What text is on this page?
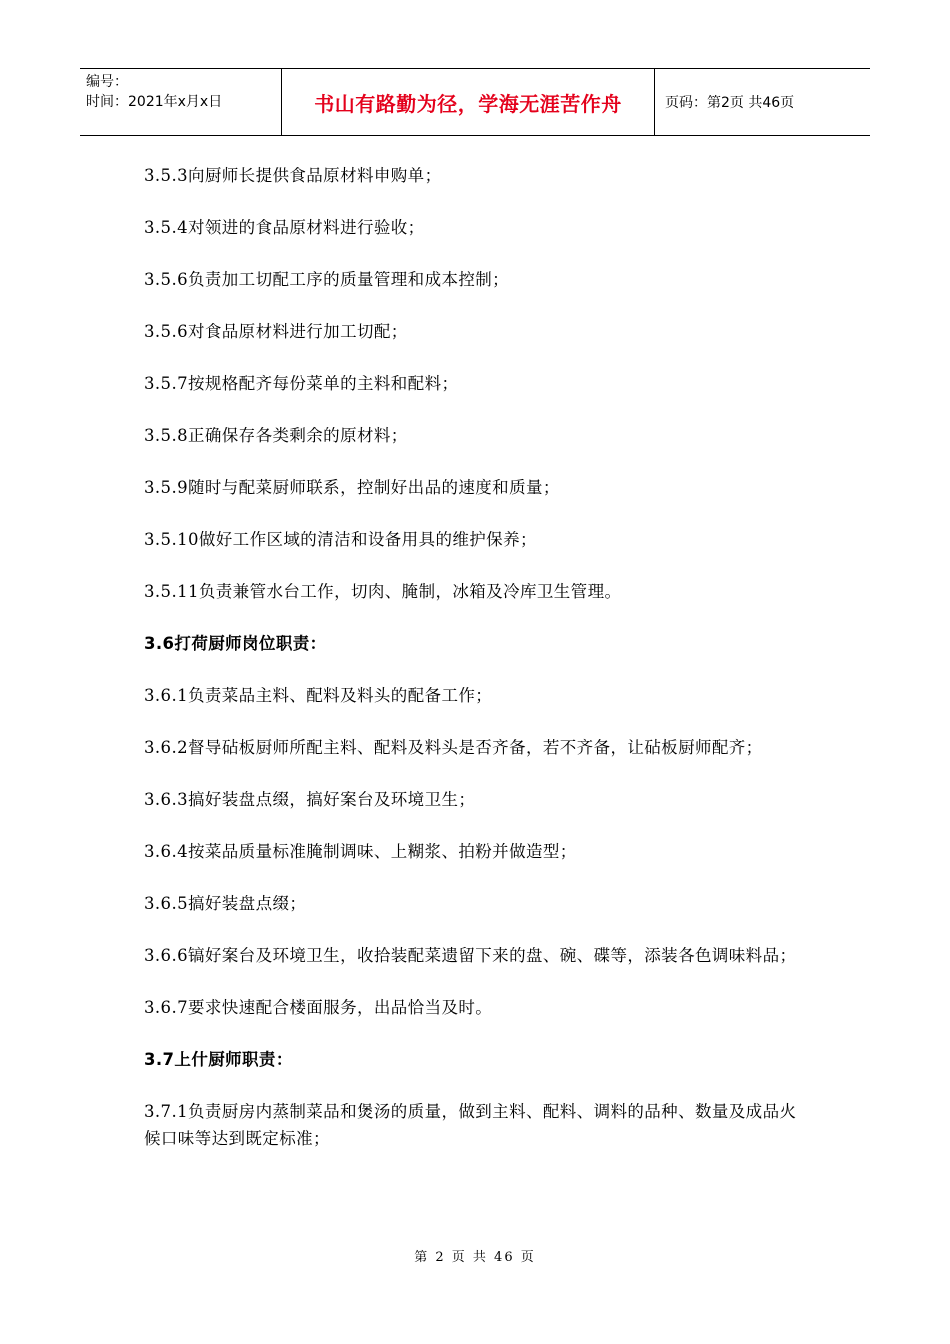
编号：
时间：2021年x月x日	书山有路勤为径，学海无涯苦作舟	页码：第2页 共46页

3.5.3向厨师长提供食品原材料申购单；

3.5.4对领进的食品原材料进行验收；

3.5.6负责加工切配工序的质量管理和成本控制；

3.5.6对食品原材料进行加工切配；

3.5.7按规格配齐每份菜单的主料和配料；

3.5.8正确保存各类剩余的原材料；

3.5.9随时与配菜厨师联系，控制好出品的速度和质量；

3.5.10做好工作区域的清洁和设备用具的维护保养；

3.5.11负责兼管水台工作，切肉、腌制，冰箱及冷库卫生管理。

3.6打荷厨师岗位职责：

3.6.1负责菜品主料、配料及料头的配备工作；

3.6.2督导砧板厨师所配主料、配料及料头是否齐备，若不齐备，让砧板厨师配齐；

3.6.3搞好装盘点缀，搞好案台及环境卫生；

3.6.4按菜品质量标准腌制调味、上糊浆、拍粉并做造型；

3.6.5搞好装盘点缀；

3.6.6镐好案台及环境卫生，收拾装配菜遗留下来的盘、碗、碟等，添装各色调味料品；

3.6.7要求快速配合楼面服务，出品恰当及时。

3.7上什厨师职责：

3.7.1负责厨房内蒸制菜品和煲汤的质量，做到主料、配料、调料的品种、数量及成品火候口味等达到既定标准；

第 2 页 共 46 页
